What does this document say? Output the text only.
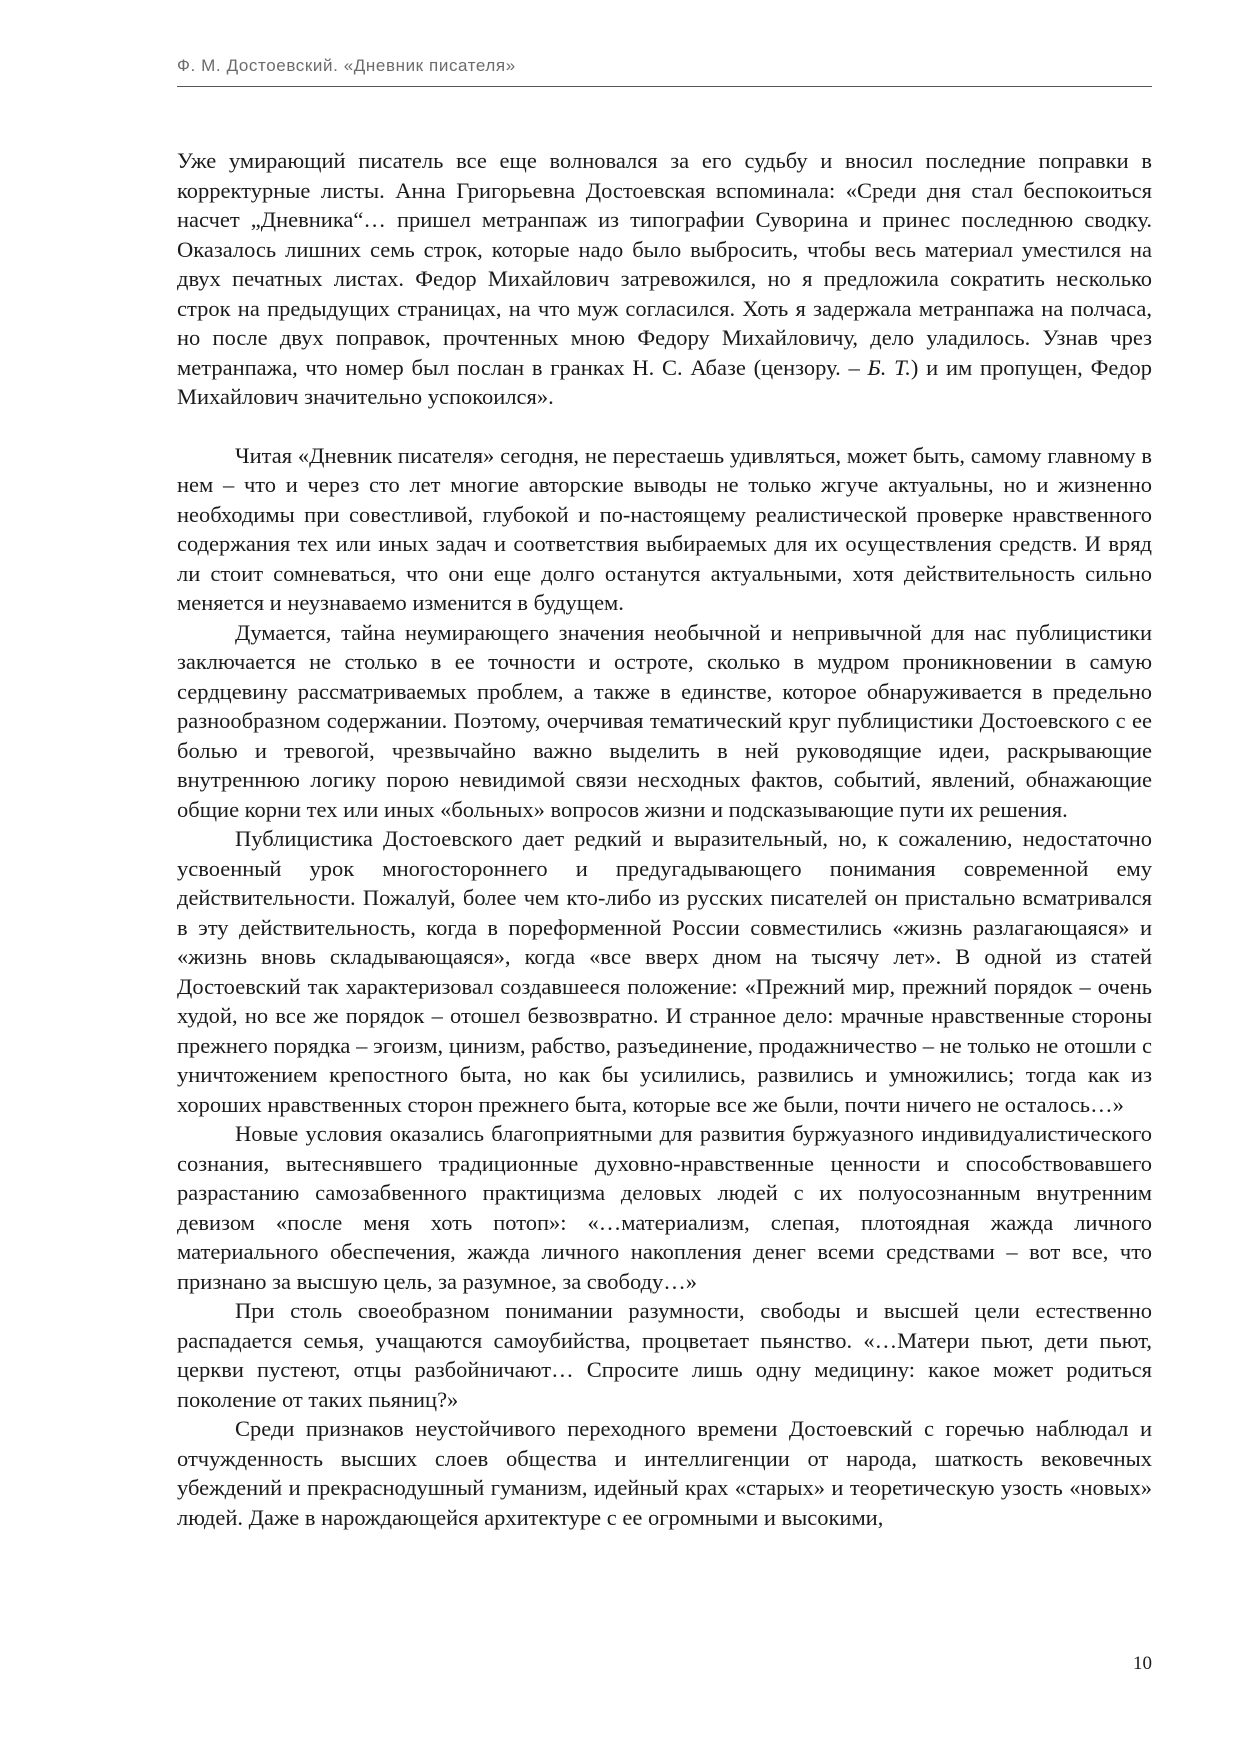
Ф. М. Достоевский. «Дневник писателя»

Уже умирающий писатель все еще волновался за его судьбу и вносил последние поправки в корректурные листы. Анна Григорьевна Достоевская вспоминала: «Среди дня стал беспокоиться насчет „Дневника“… пришел метранпаж из типографии Суворина и принес последнюю сводку. Оказалось лишних семь строк, которые надо было выбросить, чтобы весь материал уместился на двух печатных листах. Федор Михайлович затревожился, но я предложила сократить несколько строк на предыдущих страницах, на что муж согласился. Хоть я задержала метранпажа на полчаса, но после двух поправок, прочтенных мною Федору Михайловичу, дело уладилось. Узнав чрез метранпажа, что номер был послан в гранках Н. С. Абазе (цензору. – Б. Т.) и им пропущен, Федор Михайлович значительно успокоился».

Читая «Дневник писателя» сегодня, не перестаешь удивляться, может быть, самому главному в нем – что и через сто лет многие авторские выводы не только жгуче актуальны, но и жизненно необходимы при совестливой, глубокой и по-настоящему реалистической проверке нравственного содержания тех или иных задач и соответствия выбираемых для их осуществления средств. И вряд ли стоит сомневаться, что они еще долго останутся актуальными, хотя действительность сильно меняется и неузнаваемо изменится в будущем.

Думается, тайна неумирающего значения необычной и непривычной для нас публицистики заключается не столько в ее точности и остроте, сколько в мудром проникновении в самую сердцевину рассматриваемых проблем, а также в единстве, которое обнаруживается в предельно разнообразном содержании. Поэтому, очерчивая тематический круг публицистики Достоевского с ее болью и тревогой, чрезвычайно важно выделить в ней руководящие идеи, раскрывающие внутреннюю логику порою невидимой связи несходных фактов, событий, явлений, обнажающие общие корни тех или иных «больных» вопросов жизни и подсказывающие пути их решения.

Публицистика Достоевского дает редкий и выразительный, но, к сожалению, недостаточно усвоенный урок многостороннего и предугадывающего понимания современной ему действительности. Пожалуй, более чем кто-либо из русских писателей он пристально всматривался в эту действительность, когда в пореформенной России совместились «жизнь разлагающаяся» и «жизнь вновь складывающаяся», когда «все вверх дном на тысячу лет». В одной из статей Достоевский так характеризовал создавшееся положение: «Прежний мир, прежний порядок – очень худой, но все же порядок – отошел безвозвратно. И странное дело: мрачные нравственные стороны прежнего порядка – эгоизм, цинизм, рабство, разъединение, продажничество – не только не отошли с уничтожением крепостного быта, но как бы усилились, развились и умножились; тогда как из хороших нравственных сторон прежнего быта, которые все же были, почти ничего не осталось…»

Новые условия оказались благоприятными для развития буржуазного индивидуалистического сознания, вытеснявшего традиционные духовно-нравственные ценности и способствовавшего разрастанию самозабвенного практицизма деловых людей с их полуосознанным внутренним девизом «после меня хоть потоп»: «…материализм, слепая, плотоядная жажда личного материального обеспечения, жажда личного накопления денег всеми средствами – вот все, что признано за высшую цель, за разумное, за свободу…»

При столь своеобразном понимании разумности, свободы и высшей цели естественно распадается семья, учащаются самоубийства, процветает пьянство. «…Матери пьют, дети пьют, церкви пустеют, отцы разбойничают… Спросите лишь одну медицину: какое может родиться поколение от таких пьяниц?»

Среди признаков неустойчивого переходного времени Достоевский с горечью наблюдал и отчужденность высших слоев общества и интеллигенции от народа, шаткость вековечных убеждений и прекраснодушный гуманизм, идейный крах «старых» и теоретическую узость «новых» людей. Даже в нарождающейся архитектуре с ее огромными и высокими,

10
